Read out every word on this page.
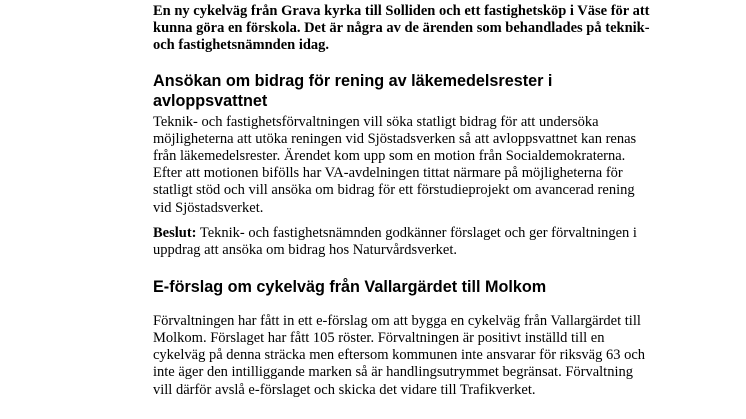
En ny cykelväg från Grava kyrka till Solliden och ett fastighetsköp i Väse för att kunna göra en förskola. Det är några av de ärenden som behandlades på teknik- och fastighetsnämnden idag.

Ansökan om bidrag för rening av läkemedelsrester i avloppsvattnet

Teknik- och fastighetsförvaltningen vill söka statligt bidrag för att undersöka möjligheterna att utöka reningen vid Sjöstadsverken så att avloppsvattnet kan renas från läkemedelsrester. Ärendet kom upp som en motion från Socialdemokraterna. Efter att motionen bifölls har VA-avdelningen tittat närmare på möjligheterna för statligt stöd och vill ansöka om bidrag för ett förstudieprojekt om avancerad rening vid Sjöstadsverket.

Beslut: Teknik- och fastighetsnämnden godkänner förslaget och ger förvaltningen i uppdrag att ansöka om bidrag hos Naturvårdsverket.

E-förslag om cykelväg från Vallargärdet till Molkom

Förvaltningen har fått in ett e-förslag om att bygga en cykelväg från Vallargärdet till Molkom. Förslaget har fått 105 röster. Förvaltningen är positivt inställd till en cykelväg på denna sträcka men eftersom kommunen inte ansvarar för riksväg 63 och inte äger den intilliggande marken så är handlingsutrymmet begränsat. Förvaltning vill därför avslå e-förslaget och skicka det vidare till Trafikverket.
